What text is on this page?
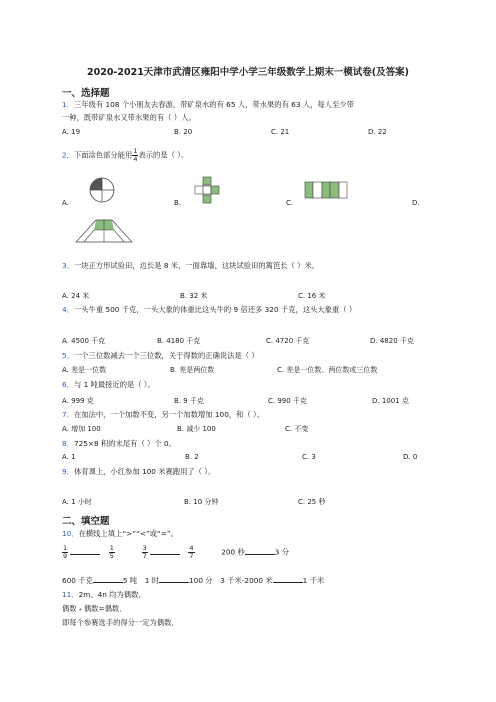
2020-2021天津市武清区雍阳中学小学三年级数学上期末一模试卷(及答案)
一、选择题
1．三年级有 108 个小朋友去春游，带矿泉水的有 65 人，带水果的有 63 人，每人至少带
一种，既带矿泉水又带水果的有（ ）人。
A. 19	B. 20	C. 21	D. 22
2．下面涂色部分能用 $\frac{1}{4}$ 表示的是（ ）。
A.	B.	C.	D.
3．一块正方形试验田，边长是 8 米，一面靠墙，这块试验田的篱笆长（ ）米。
A. 24 米	B. 32 米	C. 16 米
4．一头牛重 500 千克，一头大象的体重比这头牛的 9 倍还多 320 千克，这头大象重（ ）
A. 4500 千克	B. 4180 千克	C. 4720 千克	D. 4820 千克
5．一个三位数减去一个三位数，关于得数的正确说法是（ ）
A. 差是一位数	B. 差是两位数	C. 差是一位数、两位数或三位数
6．与 1 吨最接近的是（ ）。
A. 999 克	B. 9 千克	C. 990 千克	D. 1001 克
7．在加法中，一个加数不变，另一个加数增加 100，和（ ）。
A. 增加 100	B. 减少 100	C. 不变
8．725×8 积的末尾有（ ）个 0。
A. 1	B. 2	C. 3	D. 0
9．体育课上，小红参加 100 米赛跑用了（ ）。
A. 1 小时	B. 10 分钟	C. 25 秒
二、填空题
10．在横线上填上“>”“<”或“=”。
$\frac{1}{9}$
	$\frac{1}{5}$
	$\frac{3}{7}$
	$\frac{4}{7}$	200 秒	3 分
600 千克	5 吨 1 时	100 分 3 千米-2000 米	1 千米
11．2m、4n 均为偶数．
偶数﹢偶数=偶数．
即每个参赛选手的得分一定为偶数．
